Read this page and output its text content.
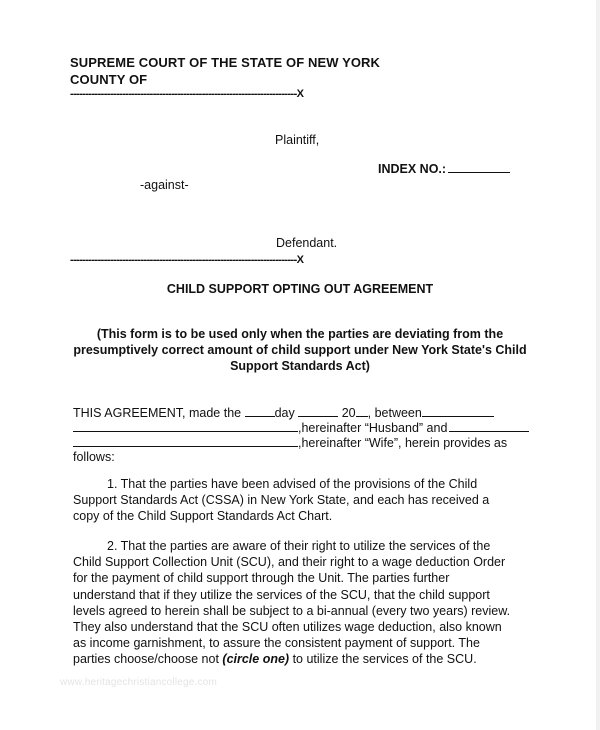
SUPREME COURT OF THE STATE OF NEW YORK
COUNTY OF
--------------------------------------------------------------------------X
Plaintiff,
INDEX NO.:
-against-
Defendant.
--------------------------------------------------------------------------X
CHILD SUPPORT OPTING OUT AGREEMENT
(This form is to be used only when the parties are deviating from the presumptively correct amount of child support under New York State's Child Support Standards Act)
THIS AGREEMENT, made the	day	20 , between
,hereinafter “Husband” and
,hereinafter “Wife”, herein provides as
follows:

1. That the parties have been advised of the provisions of the Child Support Standards Act (CSSA) in New York State, and each has received a copy of the Child Support Standards Act Chart.

2. That the parties are aware of their right to utilize the services of the Child Support Collection Unit (SCU), and their right to a wage deduction Order for the payment of child support through the Unit. The parties further understand that if they utilize the services of the SCU, that the child support levels agreed to herein shall be subject to a bi-annual (every two years) review. They also understand that the SCU often utilizes wage deduction, also known as income garnishment, to assure the consistent payment of support. The parties choose/choose not (circle one) to utilize the services of the SCU.

www.heritagechristiancollege.com
